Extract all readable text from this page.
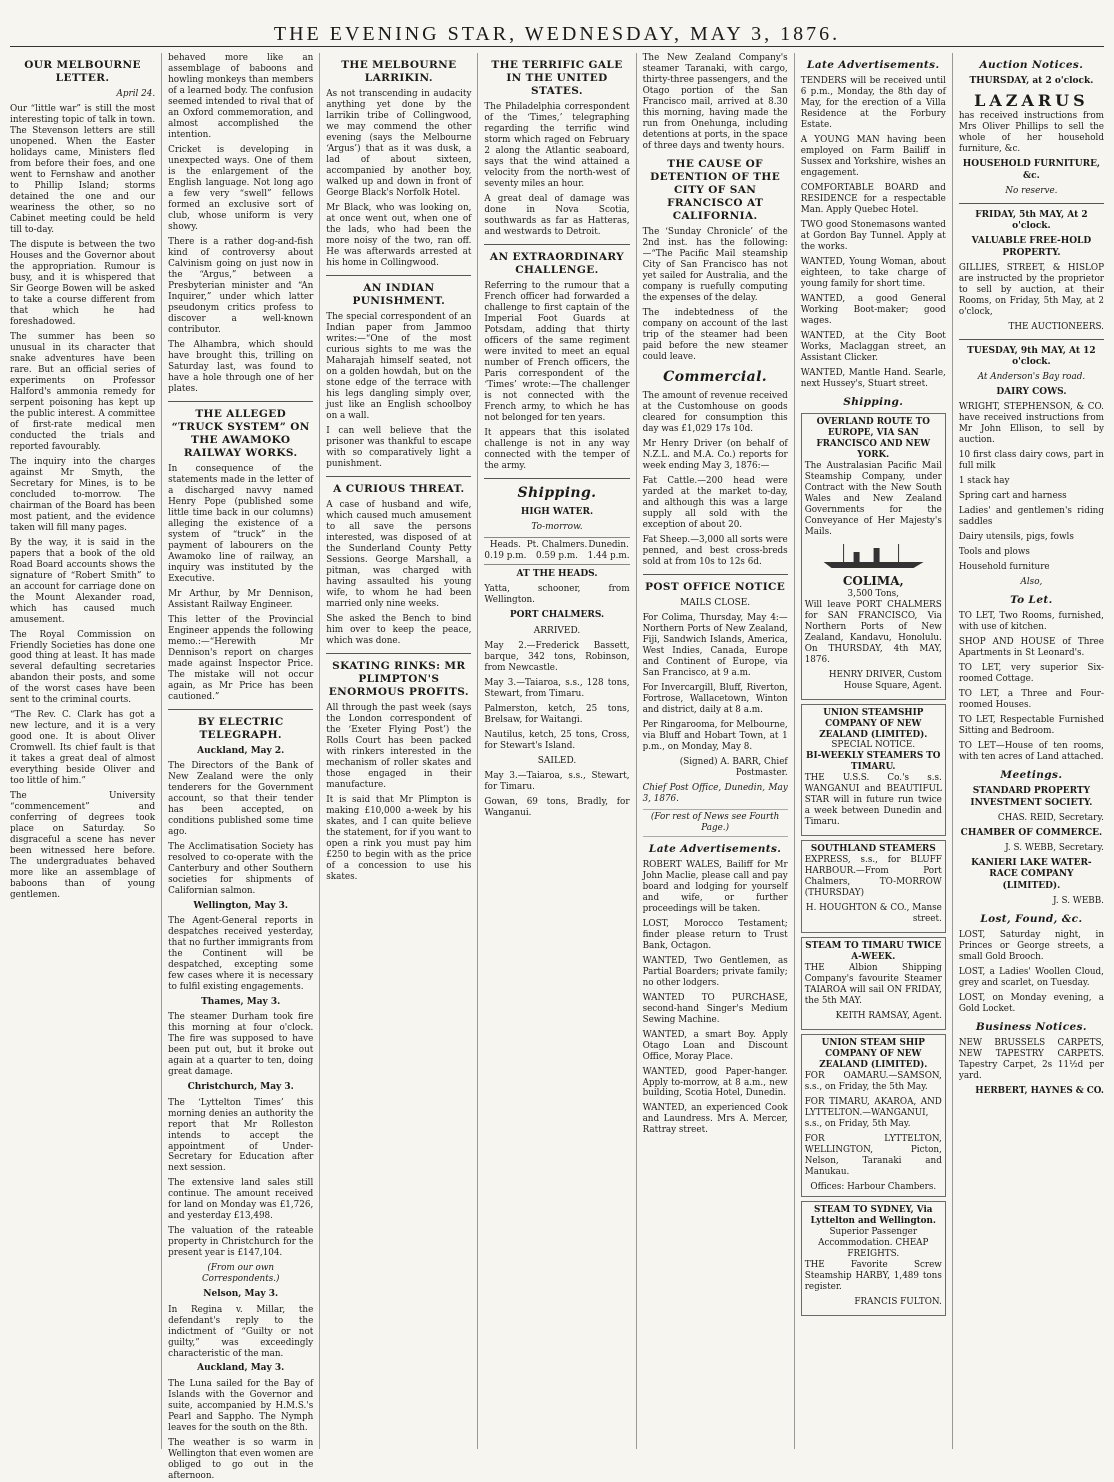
THE EVENING STAR, WEDNESDAY, MAY 3, 1876.
OUR MELBOURNE LETTER.
April 24.
Our “little war” is still the most interesting topic of talk in town. The Stevenson letters are still unopened. When the Easter holidays came, Ministers fled from before their foes, and one went to Fernshaw and another to Phillip Island; storms detained the one and our weariness the other, so no Cabinet meeting could be held till to-day.
The dispute is between the two Houses and the Governor about the appropriation. Rumour is busy, and it is whispered that Sir George Bowen will be asked to take a course different from that which he had foreshadowed.
The summer has been so unusual in its character that snake adventures have been rare. But an official series of experiments on Professor Halford's ammonia remedy for serpent poisoning has kept up the public interest. A committee of first-rate medical men conducted the trials and reported favourably.
The inquiry into the charges against Mr Smyth, the Secretary for Mines, is to be concluded to-morrow. The chairman of the Board has been most patient, and the evidence taken will fill many pages.
By the way, it is said in the papers that a book of the old Road Board accounts shows the signature of “Robert Smith” to an account for carriage done on the Mount Alexander road, which has caused much amusement.
The Royal Commission on Friendly Societies has done one good thing at least. It has made several defaulting secretaries abandon their posts, and some of the worst cases have been sent to the criminal courts.
“The Rev. C. Clark has got a new lecture, and it is a very good one. It is about Oliver Cromwell. Its chief fault is that it takes a great deal of almost everything beside Oliver and too little of him.”
The University “commencement” and conferring of degrees took place on Saturday. So disgraceful a scene has never been witnessed here before. The undergraduates behaved more like an assemblage of baboons than of young gentlemen.
behaved more like an assemblage of baboons and howling monkeys than members of a learned body. The confusion seemed intended to rival that of an Oxford commemoration, and almost accomplished the intention.
Cricket is developing in unexpected ways. One of them is the enlargement of the English language. Not long ago a few very “swell” fellows formed an exclusive sort of club, whose uniform is very showy.
There is a rather dog-and-fish kind of controversy about Calvinism going on just now in the “Argus,” between a Presbyterian minister and “An Inquirer,” under which latter pseudonym critics profess to discover a well-known contributor.
The Alhambra, which should have brought this, trilling on Saturday last, was found to have a hole through one of her plates.
THE ALLEGED “TRUCK SYSTEM” ON THE AWAMOKO RAILWAY WORKS.
In consequence of the statements made in the letter of a discharged navvy named Henry Pope (published some little time back in our columns) alleging the existence of a system of “truck” in the payment of labourers on the Awamoko line of railway, an inquiry was instituted by the Executive.
Mr Arthur, by Mr Dennison, Assistant Railway Engineer.
This letter of the Provincial Engineer appends the following memo.:—“Herewith Mr Dennison's report on charges made against Inspector Price. The mistake will not occur again, as Mr Price has been cautioned.”
BY ELECTRIC TELEGRAPH.
Auckland, May 2.
The Directors of the Bank of New Zealand were the only tenderers for the Government account, so that their tender has been accepted, on conditions published some time ago.
The Acclimatisation Society has resolved to co-operate with the Canterbury and other Southern societies for shipments of Californian salmon.
Wellington, May 3.
The Agent-General reports in despatches received yesterday, that no further immigrants from the Continent will be despatched, excepting some few cases where it is necessary to fulfil existing engagements.
Thames, May 3.
The steamer Durham took fire this morning at four o'clock. The fire was supposed to have been put out, but it broke out again at a quarter to ten, doing great damage.
Christchurch, May 3.
The ‘Lyttelton Times’ this morning denies an authority the report that Mr Rolleston intends to accept the appointment of Under-Secretary for Education after next session.
The extensive land sales still continue. The amount received for land on Monday was £1,726, and yesterday £13,498.
The valuation of the rateable property in Christchurch for the present year is £147,104.
(From our own Correspondents.)
Nelson, May 3.
In Regina v. Millar, the defendant's reply to the indictment of “Guilty or not guilty,” was exceedingly characteristic of the man.
Auckland, May 3.
The Luna sailed for the Bay of Islands with the Governor and suite, accompanied by H.M.S.'s Pearl and Sappho. The Nymph leaves for the south on the 8th.
The weather is so warm in Wellington that even women are obliged to go out in the afternoon.
THE MELBOURNE LARRIKIN.
As not transcending in audacity anything yet done by the larrikin tribe of Collingwood, we may commend the other evening (says the Melbourne ‘Argus’) that as it was dusk, a lad of about sixteen, accompanied by another boy, walked up and down in front of George Black's Norfolk Hotel.
Mr Black, who was looking on, at once went out, when one of the lads, who had been the more noisy of the two, ran off. He was afterwards arrested at his home in Collingwood.
AN INDIAN PUNISHMENT.
The special correspondent of an Indian paper from Jammoo writes:—“One of the most curious sights to me was the Maharajah himself seated, not on a golden howdah, but on the stone edge of the terrace with his legs dangling simply over, just like an English schoolboy on a wall.
I can well believe that the prisoner was thankful to escape with so comparatively light a punishment.
A CURIOUS THREAT.
A case of husband and wife, which caused much amusement to all save the persons interested, was disposed of at the Sunderland County Petty Sessions. George Marshall, a pitman, was charged with having assaulted his young wife, to whom he had been married only nine weeks.
She asked the Bench to bind him over to keep the peace, which was done.
SKATING RINKS: MR PLIMPTON'S ENORMOUS PROFITS.
All through the past week (says the London correspondent of the ‘Exeter Flying Post’) the Rolls Court has been packed with rinkers interested in the mechanism of roller skates and those engaged in their manufacture.
It is said that Mr Plimpton is making £10,000 a-week by his skates, and I can quite believe the statement, for if you want to open a rink you must pay him £250 to begin with as the price of a concession to use his skates.
THE TERRIFIC GALE IN THE UNITED STATES.
The Philadelphia correspondent of the ‘Times,’ telegraphing regarding the terrific wind storm which raged on February 2 along the Atlantic seaboard, says that the wind attained a velocity from the north-west of seventy miles an hour.
A great deal of damage was done in Nova Scotia, southwards as far as Hatteras, and westwards to Detroit.
AN EXTRAORDINARY CHALLENGE.
Referring to the rumour that a French officer had forwarded a challenge to first captain of the Imperial Foot Guards at Potsdam, adding that thirty officers of the same regiment were invited to meet an equal number of French officers, the Paris correspondent of the ‘Times’ wrote:—The challenger is not connected with the French army, to which he has not belonged for ten years.
It appears that this isolated challenge is not in any way connected with the temper of the army.
Shipping.
HIGH WATER.
To-morrow.
Heads.
0.19 p.m.
Pt. Chalmers.
0.59 p.m.
Dunedin.
1.44 p.m.
AT THE HEADS.
Yatta, schooner, from Wellington.
PORT CHALMERS.
ARRIVED.
May 2.—Frederick Bassett, barque, 342 tons, Robinson, from Newcastle.
May 3.—Taiaroa, s.s., 128 tons, Stewart, from Timaru.
Palmerston, ketch, 25 tons, Brelsaw, for Waitangi.
Nautilus, ketch, 25 tons, Cross, for Stewart's Island.
SAILED.
May 3.—Taiaroa, s.s., Stewart, for Timaru.
Gowan, 69 tons, Bradly, for Wanganui.
The New Zealand Company's steamer Taranaki, with cargo, thirty-three passengers, and the Otago portion of the San Francisco mail, arrived at 8.30 this morning, having made the run from Onehunga, including detentions at ports, in the space of three days and twenty hours.
THE CAUSE OF DETENTION OF THE CITY OF SAN FRANCISCO AT CALIFORNIA.
The ‘Sunday Chronicle’ of the 2nd inst. has the following:—“The Pacific Mail steamship City of San Francisco has not yet sailed for Australia, and the company is ruefully computing the expenses of the delay.
The indebtedness of the company on account of the last trip of the steamer had been paid before the new steamer could leave.
Commercial.
The amount of revenue received at the Customhouse on goods cleared for consumption this day was £1,029 17s 10d.
Mr Henry Driver (on behalf of N.Z.L. and M.A. Co.) reports for week ending May 3, 1876:—
Fat Cattle.—200 head were yarded at the market to-day, and although this was a large supply all sold with the exception of about 20.
Fat Sheep.—3,000 all sorts were penned, and best cross-breds sold at from 10s to 12s 6d.
POST OFFICE NOTICE
MAILS CLOSE.
For Colima, Thursday, May 4:—Northern Ports of New Zealand, Fiji, Sandwich Islands, America, West Indies, Canada, Europe and Continent of Europe, via San Francisco, at 9 a.m.
For Invercargill, Bluff, Riverton, Fortrose, Wallacetown, Winton and district, daily at 8 a.m.
Per Ringarooma, for Melbourne, via Bluff and Hobart Town, at 1 p.m., on Monday, May 8.
(Signed) A. BARR, Chief Postmaster.
Chief Post Office, Dunedin, May 3, 1876.
(For rest of News see Fourth Page.)
Late Advertisements.
ROBERT WALES, Bailiff for Mr John Maclie, please call and pay board and lodging for yourself and wife, or further proceedings will be taken.
LOST, Morocco Testament; finder please return to Trust Bank, Octagon.
WANTED, Two Gentlemen, as Partial Boarders; private family; no other lodgers.
WANTED TO PURCHASE, second-hand Singer's Medium Sewing Machine.
WANTED, a smart Boy. Apply Otago Loan and Discount Office, Moray Place.
WANTED, good Paper-hanger. Apply to-morrow, at 8 a.m., new building, Scotia Hotel, Dunedin.
WANTED, an experienced Cook and Laundress. Mrs A. Mercer, Rattray street.
Late Advertisements.
TENDERS will be received until 6 p.m., Monday, the 8th day of May, for the erection of a Villa Residence at the Forbury Estate.
A YOUNG MAN having been employed on Farm Bailiff in Sussex and Yorkshire, wishes an engagement.
COMFORTABLE BOARD and RESIDENCE for a respectable Man. Apply Quebec Hotel.
TWO good Stonemasons wanted at Gordon Bay Tunnel. Apply at the works.
WANTED, Young Woman, about eighteen, to take charge of young family for short time.
WANTED, a good General Working Boot-maker; good wages.
WANTED, at the City Boot Works, Maclaggan street, an Assistant Clicker.
WANTED, Mantle Hand. Searle, next Hussey's, Stuart street.
Shipping.
OVERLAND ROUTE TO EUROPE, VIA SAN FRANCISCO AND NEW YORK.
The Australasian Pacific Mail Steamship Company, under Contract with the New South Wales and New Zealand Governments for the Conveyance of Her Majesty's Mails.
COLIMA,
3,500 Tons,
Will leave PORT CHALMERS for SAN FRANCISCO, Via Northern Ports of New Zealand, Kandavu, Honolulu. On THURSDAY, 4th MAY, 1876.
HENRY DRIVER, Custom House Square, Agent.
UNION STEAMSHIP COMPANY OF NEW ZEALAND (LIMITED).
SPECIAL NOTICE.
BI-WEEKLY STEAMERS TO TIMARU.
THE U.S.S. Co.'s s.s. WANGANUI and BEAUTIFUL STAR will in future run twice a week between Dunedin and Timaru.
SOUTHLAND STEAMERS
EXPRESS, s.s., for BLUFF HARBOUR.—From Port Chalmers, TO-MORROW (THURSDAY)
H. HOUGHTON & CO., Manse street.
STEAM TO TIMARU TWICE A-WEEK.
THE Albion Shipping Company's favourite Steamer TAIAROA will sail ON FRIDAY, the 5th MAY.
KEITH RAMSAY, Agent.
UNION STEAM SHIP COMPANY OF NEW ZEALAND (LIMITED).
FOR OAMARU.—SAMSON, s.s., on Friday, the 5th May.
FOR TIMARU, AKAROA, AND LYTTELTON.—WANGANUI, s.s., on Friday, 5th May.
FOR LYTTELTON, WELLINGTON, Picton, Nelson, Taranaki and Manukau.
Offices: Harbour Chambers.
STEAM TO SYDNEY, Via Lyttelton and Wellington.
Superior Passenger Accommodation. CHEAP FREIGHTS.
THE Favorite Screw Steamship HARBY, 1,489 tons register.
FRANCIS FULTON.
Auction Notices.
THURSDAY, at 2 o'clock.
LAZARUS
has received instructions from Mrs Oliver Phillips to sell the whole of her household furniture, &c.
HOUSEHOLD FURNITURE, &c.
No reserve.
FRIDAY, 5th MAY, At 2 o'clock.
VALUABLE FREE-HOLD PROPERTY.
GILLIES, STREET, & HISLOP are instructed by the proprietor to sell by auction, at their Rooms, on Friday, 5th May, at 2 o'clock,
THE AUCTIONEERS.
TUESDAY, 9th MAY, At 12 o'clock.
At Anderson's Bay road.
DAIRY COWS.
WRIGHT, STEPHENSON, & CO. have received instructions from Mr John Ellison, to sell by auction.
10 first class dairy cows, part in full milk
1 stack hay
Spring cart and harness
Ladies' and gentlemen's riding saddles
Dairy utensils, pigs, fowls
Tools and plows
Household furniture
Also,
To Let.
TO LET, Two Rooms, furnished, with use of kitchen.
SHOP AND HOUSE of Three Apartments in St Leonard's.
TO LET, very superior Six-roomed Cottage.
TO LET, a Three and Four-roomed Houses.
TO LET, Respectable Furnished Sitting and Bedroom.
TO LET—House of ten rooms, with ten acres of Land attached.
Meetings.
STANDARD PROPERTY INVESTMENT SOCIETY.
CHAS. REID, Secretary.
CHAMBER OF COMMERCE.
J. S. WEBB, Secretary.
KANIERI LAKE WATER-RACE COMPANY (LIMITED).
J. S. WEBB.
Lost, Found, &c.
LOST, Saturday night, in Princes or George streets, a small Gold Brooch.
LOST, a Ladies' Woollen Cloud, grey and scarlet, on Tuesday.
LOST, on Monday evening, a Gold Locket.
Business Notices.
NEW BRUSSELS CARPETS, NEW TAPESTRY CARPETS. Tapestry Carpet, 2s 11½d per yard.
HERBERT, HAYNES & CO.
